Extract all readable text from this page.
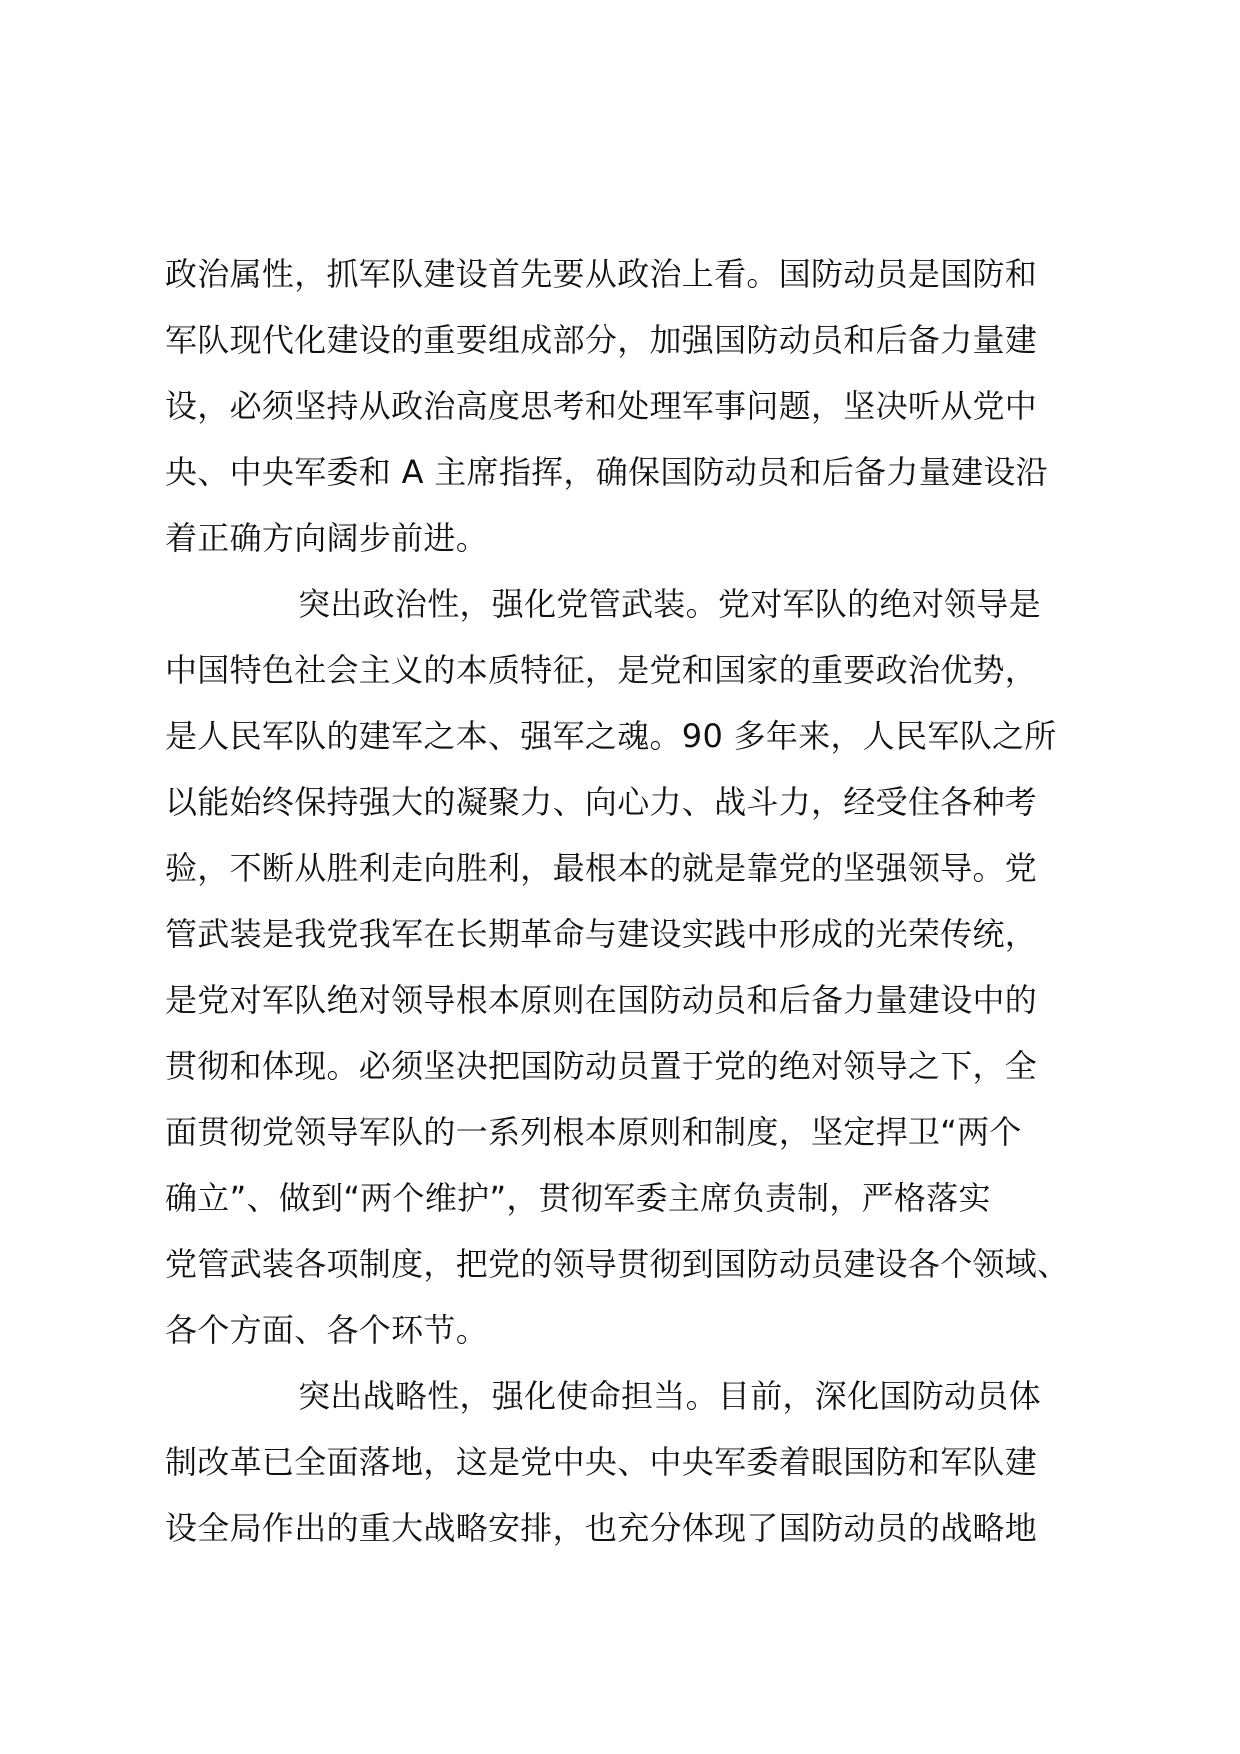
政治属性，抓军队建设首先要从政治上看。国防动员是国防和
军队现代化建设的重要组成部分，加强国防动员和后备力量建
设，必须坚持从政治高度思考和处理军事问题，坚决听从党中
央、中央军委和 A 主席指挥，确保国防动员和后备力量建设沿
着正确方向阔步前进。
突出政治性，强化党管武装。党对军队的绝对领导是
中国特色社会主义的本质特征，是党和国家的重要政治优势，
是人民军队的建军之本、强军之魂。90 多年来，人民军队之所
以能始终保持强大的凝聚力、向心力、战斗力，经受住各种考
验，不断从胜利走向胜利，最根本的就是靠党的坚强领导。党
管武装是我党我军在长期革命与建设实践中形成的光荣传统，
是党对军队绝对领导根本原则在国防动员和后备力量建设中的
贯彻和体现。必须坚决把国防动员置于党的绝对领导之下，全
面贯彻党领导军队的一系列根本原则和制度，坚定捍卫“两个
确立”、做到“两个维护”，贯彻军委主席负责制，严格落实
党管武装各项制度，把党的领导贯彻到国防动员建设各个领域、
各个方面、各个环节。
突出战略性，强化使命担当。目前，深化国防动员体
制改革已全面落地，这是党中央、中央军委着眼国防和军队建
设全局作出的重大战略安排，也充分体现了国防动员的战略地
